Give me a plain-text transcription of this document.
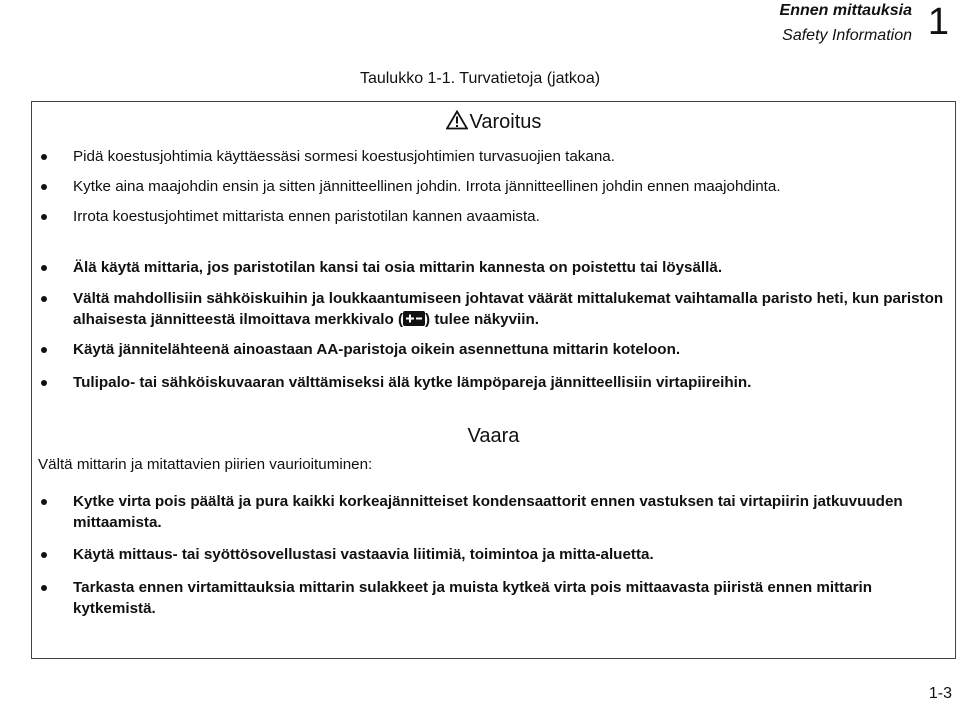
Ennen mittauksia
Safety Information 1
Taulukko 1-1. Turvatietoja (jatkoa)
Varoitus
Pidä koestusjohtimia käyttäessäsi sormesi koestusjohtimien turvasuojien takana.
Kytke aina maajohdin ensin ja sitten jännitteellinen johdin. Irrota jännitteellinen johdin ennen maajohdinta.
Irrota koestusjohtimet mittarista ennen paristotilan kannen avaamista.
Älä käytä mittaria, jos paristotilan kansi tai osia mittarin kannesta on poistettu tai löysällä.
Vältä mahdollisiin sähköiskuihin ja loukkaantumiseen johtavat väärät mittalukemat vaihtamalla paristo heti, kun pariston alhaisesta jännitteestä ilmoittava merkkivalo ( ) tulee näkyviin.
Käytä jännitelähteenä ainoastaan AA-paristoja oikein asennettuna mittarin koteloon.
Tulipalo- tai sähköiskuvaaran välttämiseksi älä kytke lämpöpareja jännitteellisiin virtapiireihin.
Vaara
Vältä mittarin ja mitattavien piirien vaurioituminen:
Kytke virta pois päältä ja pura kaikki korkeajännitteiset kondensaattorit ennen vastuksen tai virtapiirin jatkuvuuden mittaamista.
Käytä mittaus- tai syöttösovellustasi vastaavia liitimiä, toimintoa ja mitta-aluetta.
Tarkasta ennen virtamittauksia mittarin sulakkeet ja muista kytkeä virta pois mittaavasta piiristä ennen mittarin kytkemistä.
1-3
